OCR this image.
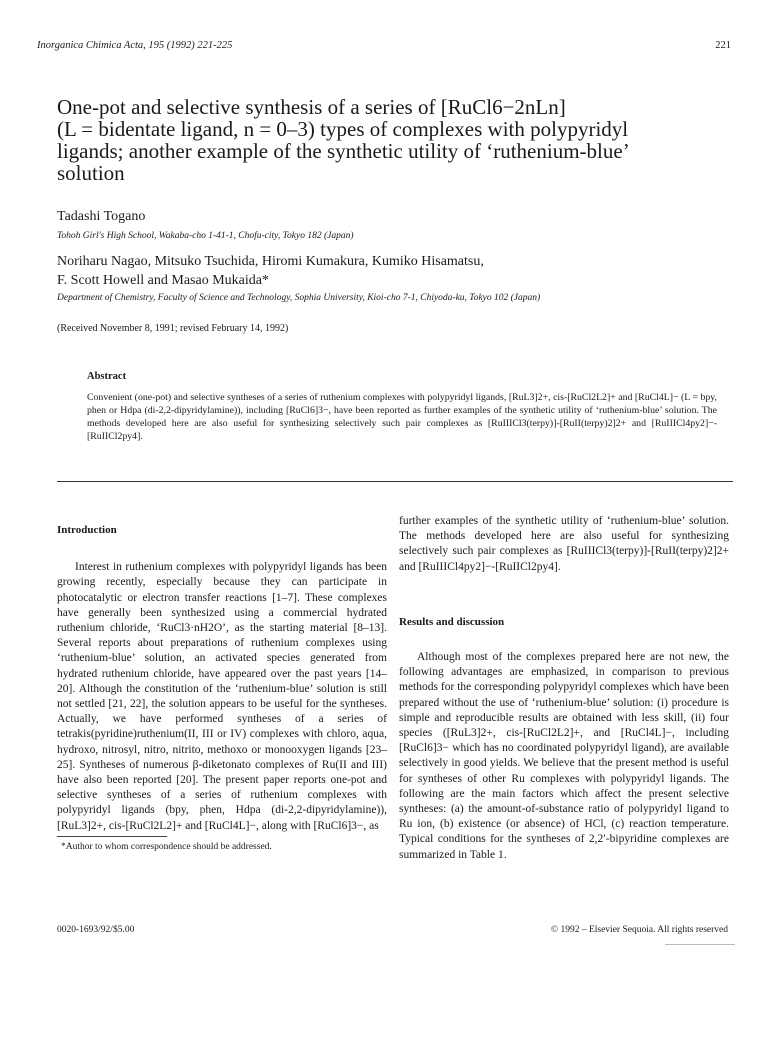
Inorganica Chimica Acta, 195 (1992) 221-225	221
One-pot and selective synthesis of a series of [RuCl6−2nLn]
(L = bidentate ligand, n = 0–3) types of complexes with polypyridyl
ligands; another example of the synthetic utility of ‘ruthenium-blue’
solution
Tadashi Togano
Tohoh Girl's High School, Wakaba-cho 1-41-1, Chofu-city, Tokyo 182 (Japan)
Noriharu Nagao, Mitsuko Tsuchida, Hiromi Kumakura, Kumiko Hisamatsu,
F. Scott Howell and Masao Mukaida*
Department of Chemistry, Faculty of Science and Technology, Sophia University, Kioi-cho 7-1, Chiyoda-ku, Tokyo 102 (Japan)
(Received November 8, 1991; revised February 14, 1992)
Abstract
Convenient (one-pot) and selective syntheses of a series of ruthenium complexes with polypyridyl ligands, [RuL3]2+, cis-[RuCl2L2]+ and [RuCl4L]− (L = bpy, phen or Hdpa (di-2,2-dipyridylamine)), including [RuCl6]3−, have been reported as further examples of the synthetic utility of ‘ruthenium-blue’ solution. The methods developed here are also useful for synthesizing selectively such pair complexes as [RuIIICl3(terpy)]-[RuII(terpy)2]2+ and [RuIIICl4py2]−-[RuIICl2py4].
Introduction

Interest in ruthenium complexes with polypyridyl ligands has been growing recently, especially because they can participate in photocatalytic or electron transfer reactions [1–7]. These complexes have generally been synthesized using a commercial hydrated ruthenium chloride, ‘RuCl3·nH2O’, as the starting material [8–13]. Several reports about preparations of ruthenium complexes using ‘ruthenium-blue’ solution, an activated species generated from hydrated ruthenium chloride, have appeared over the past years [14–20]. Although the constitution of the ‘ruthenium-blue’ solution is still not settled [21, 22], the solution appears to be useful for the syntheses. Actually, we have performed syntheses of a series of tetrakis(pyridine)ruthenium(II, III or IV) complexes with chloro, aqua, hydroxo, nitrosyl, nitro, nitrito, methoxo or monooxygen ligands [23–25]. Syntheses of numerous β-diketonato complexes of Ru(II and III) have also been reported [20]. The present paper reports one-pot and selective syntheses of a series of ruthenium complexes with polypyridyl ligands (bpy, phen, Hdpa (di-2,2-dipyridylamine)), [RuL3]2+, cis-[RuCl2L2]+ and [RuCl4L]−, along with [RuCl6]3−, as

further examples of the synthetic utility of ‘ruthenium-blue’ solution. The methods developed here are also useful for synthesizing selectively such pair complexes as [RuIIICl3(terpy)]-[RuII(terpy)2]2+ and [RuIIICl4py2]−-[RuIICl2py4].

Results and discussion

Although most of the complexes prepared here are not new, the following advantages are emphasized, in comparison to previous methods for the corresponding polypyridyl complexes which have been prepared without the use of ‘ruthenium-blue’ solution: (i) procedure is simple and reproducible results are obtained with less skill, (ii) four species ([RuL3]2+, cis-[RuCl2L2]+, and [RuCl4L]−, including [RuCl6]3− which has no coordinated polypyridyl ligand), are available selectively in good yields. We believe that the present method is useful for syntheses of other Ru complexes with polypyridyl ligands. The following are the main factors which affect the present selective syntheses: (a) the amount-of-substance ratio of polypyridyl ligand to Ru ion, (b) existence (or absence) of HCl, (c) reaction temperature. Typical conditions for the syntheses of 2,2′-bipyridine complexes are summarized in Table 1.

*Author to whom correspondence should be addressed.
0020-1693/92/$5.00	© 1992 – Elsevier Sequoia. All rights reserved
